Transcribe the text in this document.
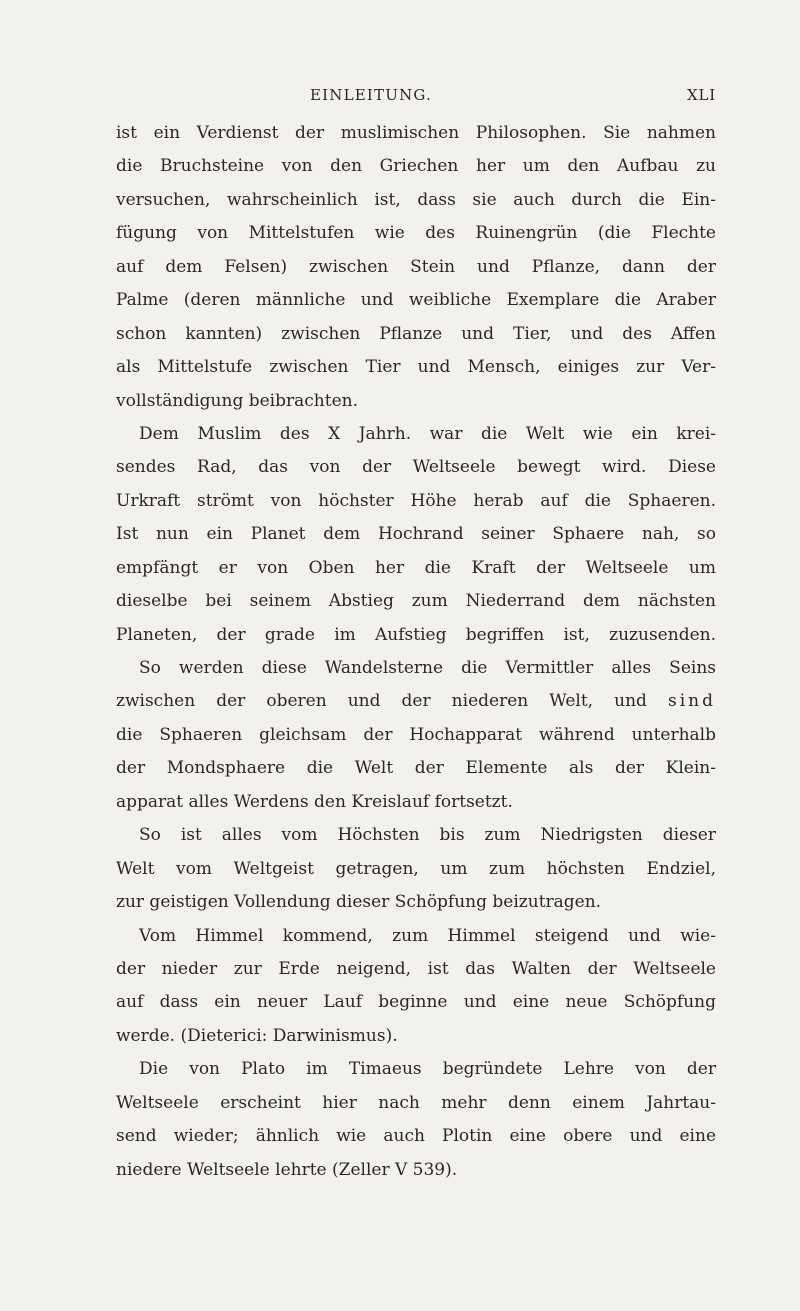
EINLEITUNG.	XLI
ist ein Verdienst der muslimischen Philosophen. Sie nahmen
die Bruchsteine von den Griechen her um den Aufbau zu
versuchen, wahrscheinlich ist, dass sie auch durch die Ein-
fügung von Mittelstufen wie des Ruinengrün (die Flechte
auf dem Felsen) zwischen Stein und Pflanze, dann der
Palme (deren männliche und weibliche Exemplare die Araber
schon kannten) zwischen Pflanze und Tier, und des Affen
als Mittelstufe zwischen Tier und Mensch, einiges zur Ver-
vollständigung beibrachten.
Dem Muslim des X Jahrh. war die Welt wie ein krei-
sendes Rad, das von der Weltseele bewegt wird. Diese
Urkraft strömt von höchster Höhe herab auf die Sphaeren.
Ist nun ein Planet dem Hochrand seiner Sphaere nah, so
empfängt er von Oben her die Kraft der Weltseele um
dieselbe bei seinem Abstieg zum Niederrand dem nächsten
Planeten, der grade im Aufstieg begriffen ist, zuzusenden.
So werden diese Wandelsterne die Vermittler alles Seins
zwischen der oberen und der niederen Welt, und sind
die Sphaeren gleichsam der Hochapparat während unterhalb
der Mondsphaere die Welt der Elemente als der Klein-
apparat alles Werdens den Kreislauf fortsetzt.
So ist alles vom Höchsten bis zum Niedrigsten dieser
Welt vom Weltgeist getragen, um zum höchsten Endziel,
zur geistigen Vollendung dieser Schöpfung beizutragen.
Vom Himmel kommend, zum Himmel steigend und wie-
der nieder zur Erde neigend, ist das Walten der Weltseele
auf dass ein neuer Lauf beginne und eine neue Schöpfung
werde. (Dieterici: Darwinismus).
Die von Plato im Timaeus begründete Lehre von der
Weltseele erscheint hier nach mehr denn einem Jahrtau-
send wieder; ähnlich wie auch Plotin eine obere und eine
niedere Weltseele lehrte (Zeller V 539).
